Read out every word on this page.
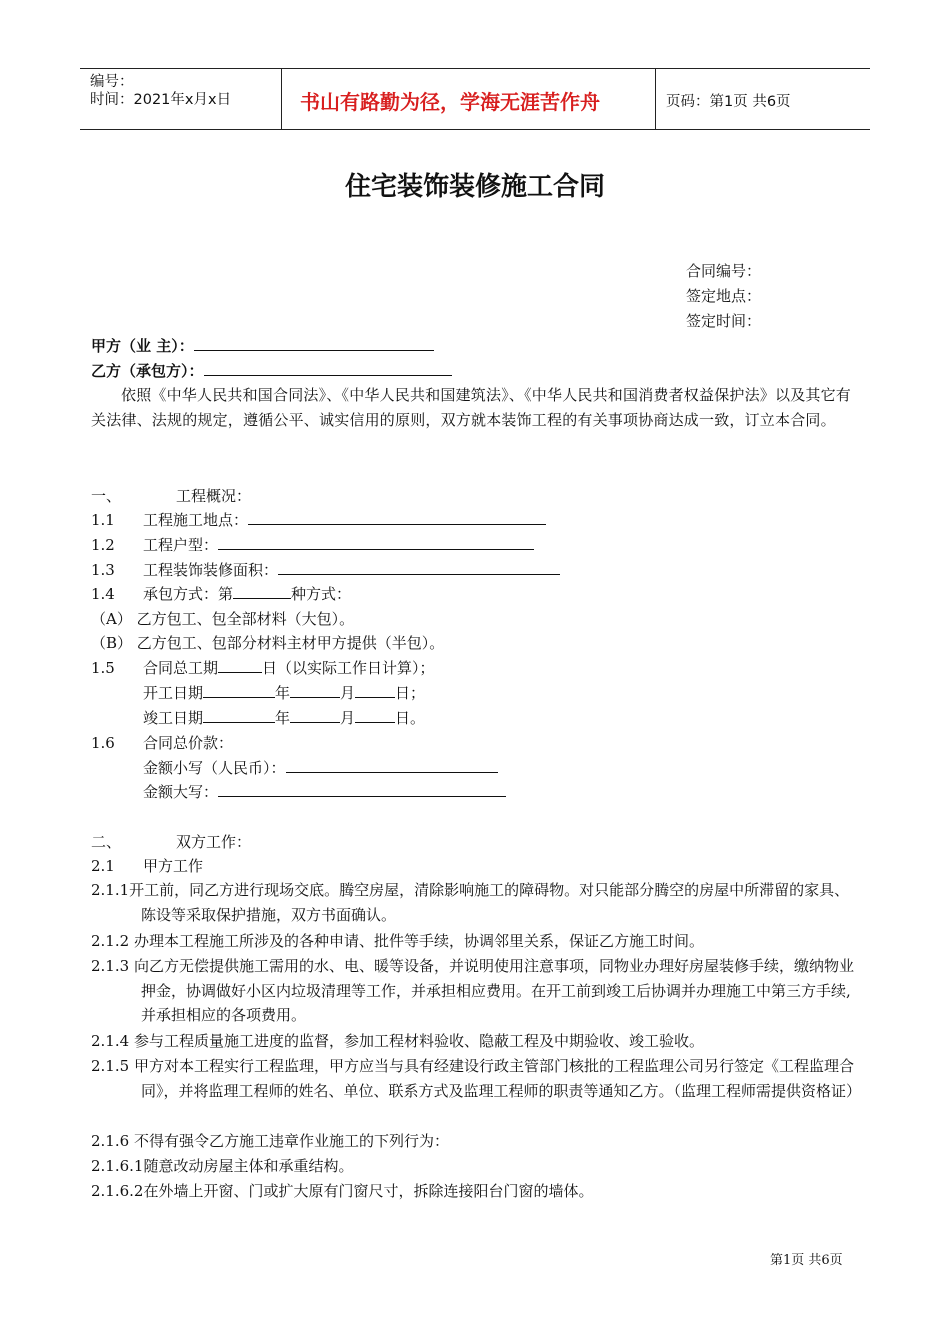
编号：
时间：2021年x月x日	书山有路勤为径，学海无涯苦作舟	页码：第1页 共6页
住宅装饰装修施工合同
合同编号：
签定地点：
签定时间：
甲方（业 主）：
乙方（承包方）：
依照《中华人民共和国合同法》、《中华人民共和国建筑法》、《中华人民共和国消费者权益保护法》以及其它有关法律、法规的规定，遵循公平、诚实信用的原则，双方就本装饰工程的有关事项协商达成一致，订立本合同。
一、	工程概况：
1.1 工程施工地点：
1.2 工程户型：
1.3 工程装饰装修面积：
1.4 承包方式：第	种方式：
（A） 乙方包工、包全部材料（大包）。
（B） 乙方包工、包部分材料主材甲方提供（半包）。
1.5 合同总工期	日（以实际工作日计算）；
开工日期	年	月	日；
竣工日期	年	月	日。
1.6 合同总价款：
金额小写（人民币）：
金额大写：
二、	双方工作：
2.1 甲方工作
2.1.1开工前，同乙方进行现场交底。腾空房屋，清除影响施工的障碍物。对只能部分腾空的房屋中所滞留的家具、陈设等采取保护措施，双方书面确认。
2.1.2 办理本工程施工所涉及的各种申请、批件等手续，协调邻里关系，保证乙方施工时间。
2.1.3 向乙方无偿提供施工需用的水、电、暖等设备，并说明使用注意事项，同物业办理好房屋装修手续，缴纳物业押金，协调做好小区内垃圾清理等工作，并承担相应费用。在开工前到竣工后协调并办理施工中第三方手续,并承担相应的各项费用。
2.1.4 参与工程质量施工进度的监督，参加工程材料验收、隐蔽工程及中期验收、竣工验收。
2.1.5 甲方对本工程实行工程监理，甲方应当与具有经建设行政主管部门核批的工程监理公司另行签定《工程监理合同》，并将监理工程师的姓名、单位、联系方式及监理工程师的职责等通知乙方。（监理工程师需提供资格证）
2.1.6 不得有强令乙方施工违章作业施工的下列行为：
2.1.6.1随意改动房屋主体和承重结构。
2.1.6.2在外墙上开窗、门或扩大原有门窗尺寸，拆除连接阳台门窗的墙体。
第1页 共6页
